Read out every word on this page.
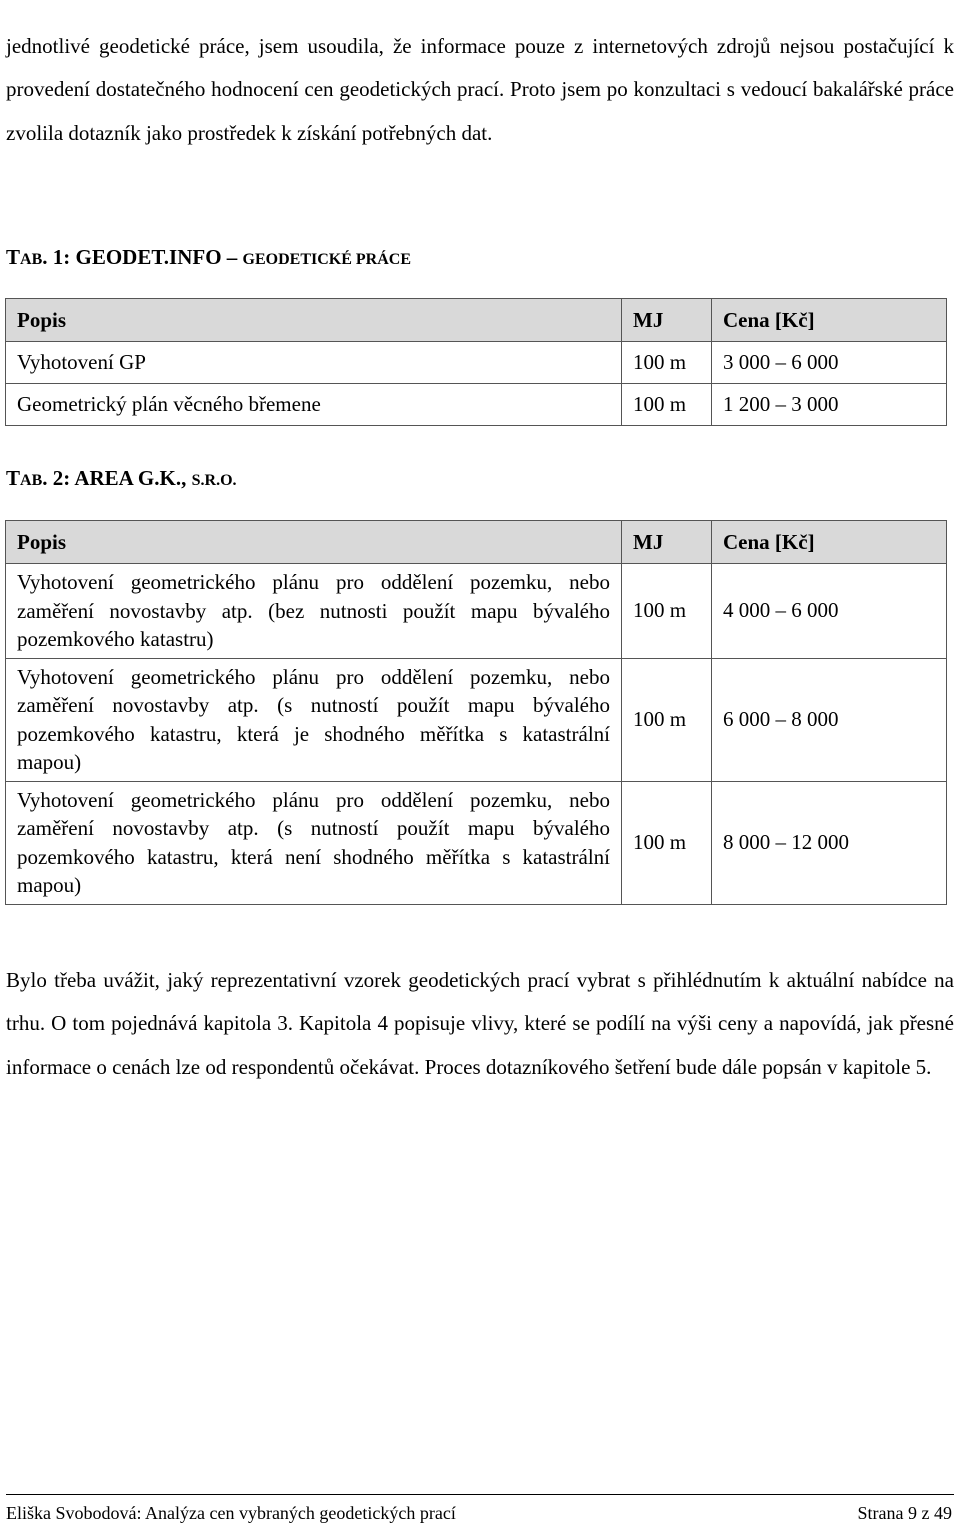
jednotlivé geodetické práce, jsem usoudila, že informace pouze z internetových zdrojů nejsou postačující k provedení dostatečného hodnocení cen geodetických prací. Proto jsem po konzultaci s vedoucí bakalářské práce zvolila dotazník jako prostředek k získání potřebných dat.

TAB. 1: GEODET.INFO – GEODETICKÉ PRÁCE

Popis	MJ	Cena [Kč]
Vyhotovení GP	100 m	3 000 – 6 000
Geometrický plán věcného břemene	100 m	1 200 – 3 000

TAB. 2: AREA G.K., S.R.O.

Popis	MJ	Cena [Kč]
Vyhotovení geometrického plánu pro oddělení pozemku, nebo zaměření novostavby atp. (bez nutnosti použít mapu bývalého pozemkového katastru)	100 m	4 000 – 6 000
Vyhotovení geometrického plánu pro oddělení pozemku, nebo zaměření novostavby atp. (s nutností použít mapu bývalého pozemkového katastru, která je shodného měřítka s katastrální mapou)	100 m	6 000 – 8 000
Vyhotovení geometrického plánu pro oddělení pozemku, nebo zaměření novostavby atp. (s nutností použít mapu bývalého pozemkového katastru, která není shodného měřítka s katastrální mapou)	100 m	8 000 – 12 000

Bylo třeba uvážit, jaký reprezentativní vzorek geodetických prací vybrat s přihlédnutím k aktuální nabídce na trhu. O tom pojednává kapitola 3. Kapitola 4 popisuje vlivy, které se podílí na výši ceny a napovídá, jak přesné informace o cenách lze od respondentů očekávat. Proces dotazníkového šetření bude dále popsán v kapitole 5.

Eliška Svobodová: Analýza cen vybraných geodetických prací	Strana 9 z 49
